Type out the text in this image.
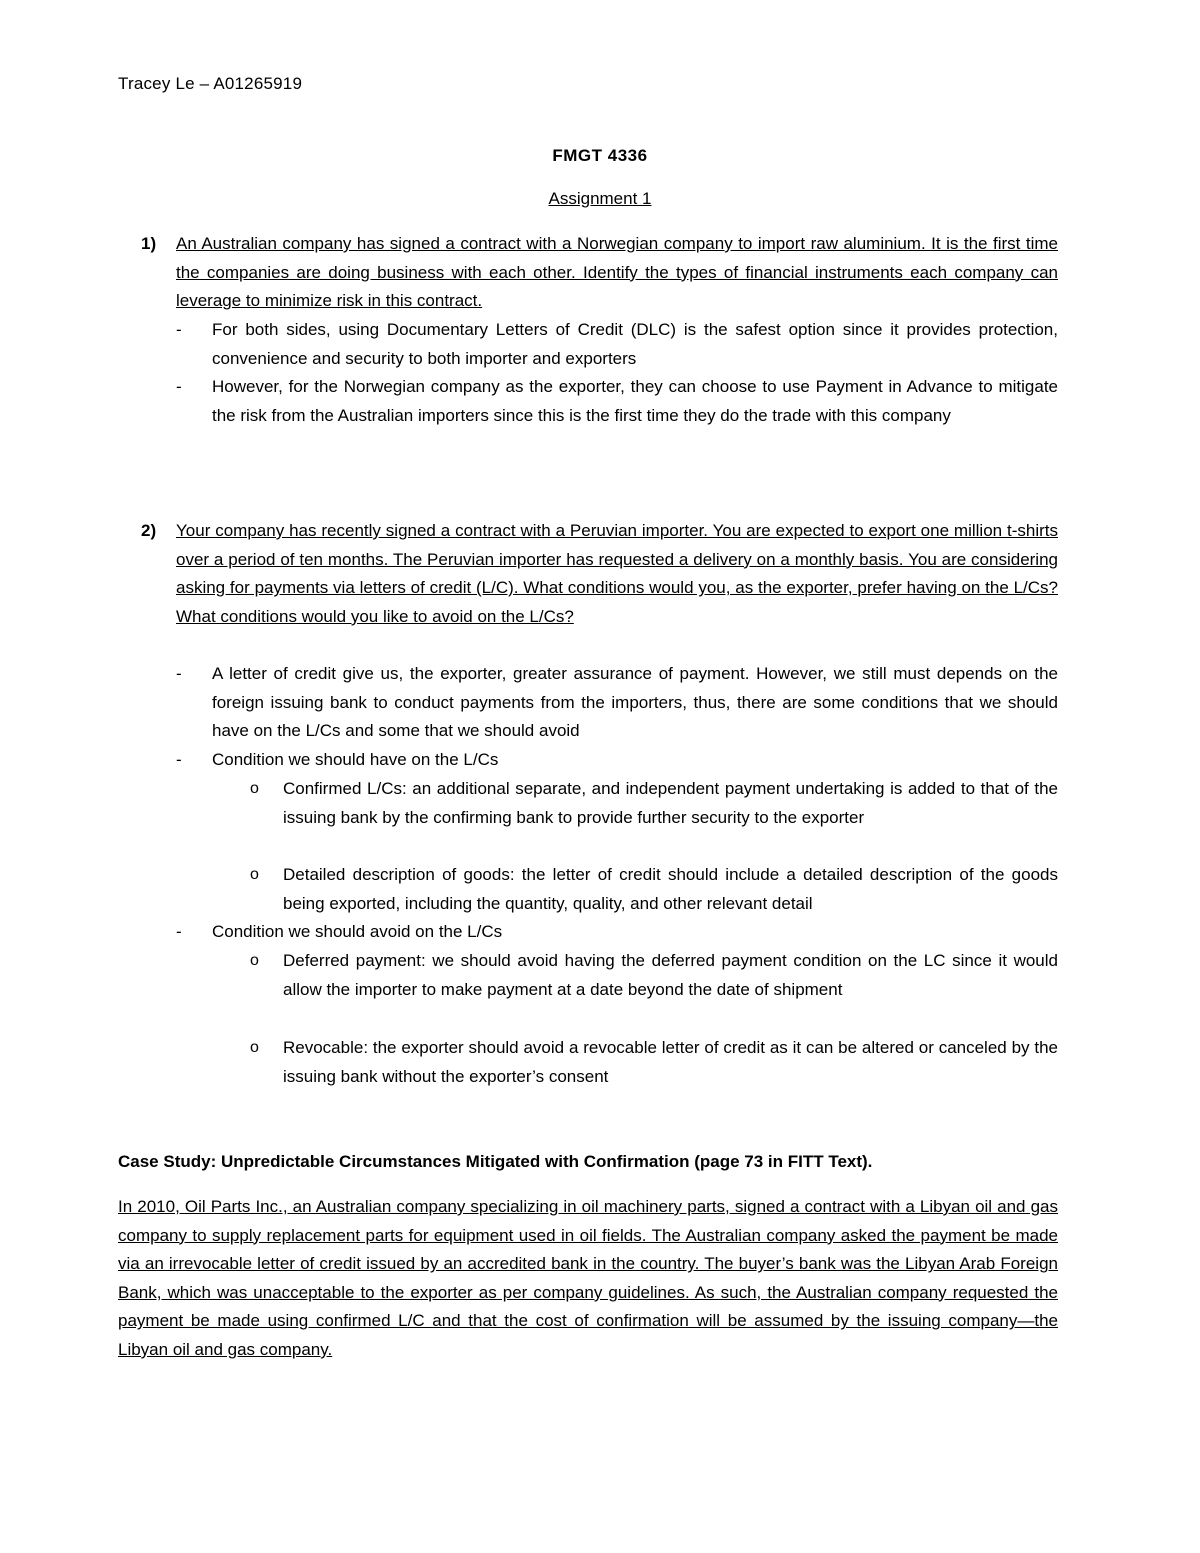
Tracey Le – A01265919
FMGT 4336
Assignment 1
1) An Australian company has signed a contract with a Norwegian company to import raw aluminium. It is the first time the companies are doing business with each other. Identify the types of financial instruments each company can leverage to minimize risk in this contract.
- For both sides, using Documentary Letters of Credit (DLC) is the safest option since it provides protection, convenience and security to both importer and exporters
- However, for the Norwegian company as the exporter, they can choose to use Payment in Advance to mitigate the risk from the Australian importers since this is the first time they do the trade with this company
2) Your company has recently signed a contract with a Peruvian importer. You are expected to export one million t-shirts over a period of ten months. The Peruvian importer has requested a delivery on a monthly basis. You are considering asking for payments via letters of credit (L/C). What conditions would you, as the exporter, prefer having on the L/Cs? What conditions would you like to avoid on the L/Cs?
- A letter of credit give us, the exporter, greater assurance of payment. However, we still must depends on the foreign issuing bank to conduct payments from the importers, thus, there are some conditions that we should have on the L/Cs and some that we should avoid
- Condition we should have on the L/Cs
o Confirmed L/Cs: an additional separate, and independent payment undertaking is added to that of the issuing bank by the confirming bank to provide further security to the exporter
o Detailed description of goods: the letter of credit should include a detailed description of the goods being exported, including the quantity, quality, and other relevant detail
- Condition we should avoid on the L/Cs
o Deferred payment: we should avoid having the deferred payment condition on the LC since it would allow the importer to make payment at a date beyond the date of shipment
o Revocable: the exporter should avoid a revocable letter of credit as it can be altered or canceled by the issuing bank without the exporter’s consent
Case Study: Unpredictable Circumstances Mitigated with Confirmation (page 73 in FITT Text).
In 2010, Oil Parts Inc., an Australian company specializing in oil machinery parts, signed a contract with a Libyan oil and gas company to supply replacement parts for equipment used in oil fields. The Australian company asked the payment be made via an irrevocable letter of credit issued by an accredited bank in the country. The buyer’s bank was the Libyan Arab Foreign Bank, which was unacceptable to the exporter as per company guidelines. As such, the Australian company requested the payment be made using confirmed L/C and that the cost of confirmation will be assumed by the issuing company—the Libyan oil and gas company.
